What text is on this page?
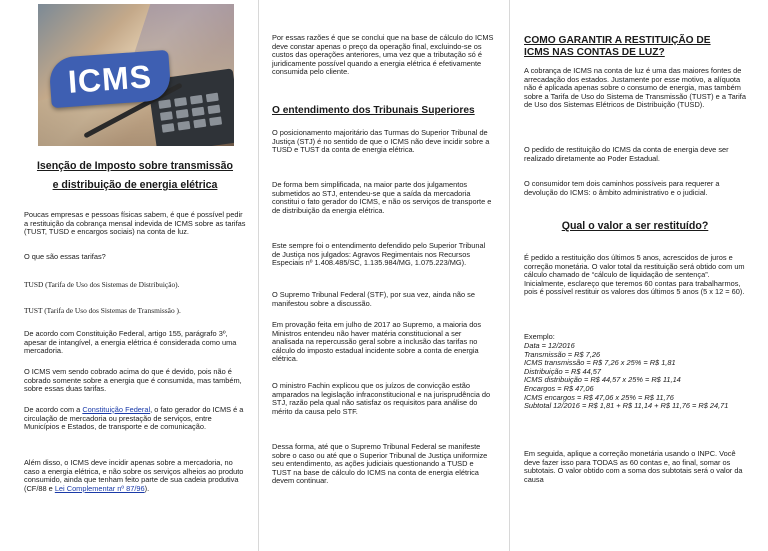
ICMS
Isenção de Imposto sobre transmissão
e distribuição de energia elétrica

Poucas empresas e pessoas físicas sabem, é que é possível pedir a restituição da cobrança mensal indevida de ICMS sobre as tarifas (TUST, TUSD e encargos sociais) na conta de luz.

O que são essas tarifas?

TUSD (Tarifa de Uso dos Sistemas de Distribuição).

TUST (Tarifa de Uso dos Sistemas de Transmissão ).

De acordo com Constituição Federal, artigo 155, parágrafo 3º, apesar de intangível, a energia elétrica é considerada como uma mercadoria.

O ICMS vem sendo cobrado acima do que é devido, pois não é cobrado somente sobre a energia que é consumida, mas também, sobre essas duas tarifas.

De acordo com a Constituição Federal, o fato gerador do ICMS é a circulação de mercadoria ou prestação de serviços, entre Municípios e Estados, de transporte e de comunicação.

Além disso, o ICMS deve incidir apenas sobre a mercadoria, no caso a energia elétrica, e não sobre os serviços alheios ao produto consumido, ainda que tenham feito parte de sua cadeia produtiva (CF/88 e Lei Complementar nº 87/96).

Por essas razões é que se conclui que na base de cálculo do ICMS deve constar apenas o preço da operação final, excluindo-se os custos das operações anteriores, uma vez que a tributação só é juridicamente possível quando a energia elétrica é efetivamente consumida pelo cliente.

O entendimento dos Tribunais Superiores

O posicionamento majoritário das Turmas do Superior Tribunal de Justiça (STJ) é no sentido de que o ICMS não deve incidir sobre a TUSD e TUST da conta de energia elétrica.

De forma bem simplificada, na maior parte dos julgamentos submetidos ao STJ, entendeu-se que a saída da mercadoria constitui o fato gerador do ICMS, e não os serviços de transporte e de distribuição da energia elétrica.

Este sempre foi o entendimento defendido pelo Superior Tribunal de Justiça nos julgados: Agravos Regimentais nos Recursos Especiais nº 1.408.485/SC, 1.135.984/MG, 1.075.223/MG).

O Supremo Tribunal Federal (STF), por sua vez, ainda não se manifestou sobre a discussão.

Em provação feita em julho de 2017 ao Supremo, a maioria dos Ministros entendeu não haver matéria constitucional a ser analisada na repercussão geral sobre a inclusão das tarifas no cálculo do imposto estadual incidente sobre a conta de energia elétrica.

O ministro Fachin explicou que os juízos de convicção estão amparados na legislação infraconstitucional e na jurisprudência do STJ, razão pela qual não satisfaz os requisitos para análise do mérito da causa pelo STF.

Dessa forma, até que o Supremo Tribunal Federal se manifeste sobre o caso ou até que o Superior Tribunal de Justiça uniformize seu entendimento, as ações judiciais questionando a TUSD e TUST na base de cálculo do ICMS na conta de energia elétrica devem continuar.

COMO GARANTIR A RESTITUIÇÃO DE
ICMS NAS CONTAS DE LUZ?

A cobrança de ICMS na conta de luz é uma das maiores fontes de arrecadação dos estados. Justamente por esse motivo, a alíquota não é aplicada apenas sobre o consumo de energia, mas também sobre a Tarifa de Uso do Sistema de Transmissão (TUST) e a Tarifa de Uso dos Sistemas Elétricos de Distribuição (TUSD).

O pedido de restituição do ICMS da conta de energia deve ser realizado diretamente ao Poder Estadual.

O consumidor tem dois caminhos possíveis para requerer a devolução do ICMS: o âmbito administrativo e o judicial.

Qual o valor a ser restituído?

É pedido a restituição dos últimos 5 anos, acrescidos de juros e correção monetária. O valor total da restituição será obtido com um cálculo chamado de “cálculo de liquidação de sentença”. Inicialmente, esclareço que teremos 60 contas para trabalharmos, pois é possível restituir os valores dos últimos 5 anos (5 x 12 = 60).

Exemplo:

Data = 12/2016

Transmissão = R$ 7,26

ICMS transmissão = R$ 7,26 x 25% = R$ 1,81

Distribuição = R$ 44,57

ICMS distribuição = R$ 44,57 x 25% = R$ 11,14

Encargos = R$ 47,06

ICMS encargos = R$ 47,06 x 25% = R$ 11,76

Subtotal 12/2016 = R$ 1,81 + R$ 11,14 + R$ 11,76 = R$ 24,71

Em seguida, aplique a correção monetária usando o INPC. Você deve fazer isso para TODAS as 60 contas e, ao final, somar os subtotais. O valor obtido com a soma dos subtotais será o valor da causa
